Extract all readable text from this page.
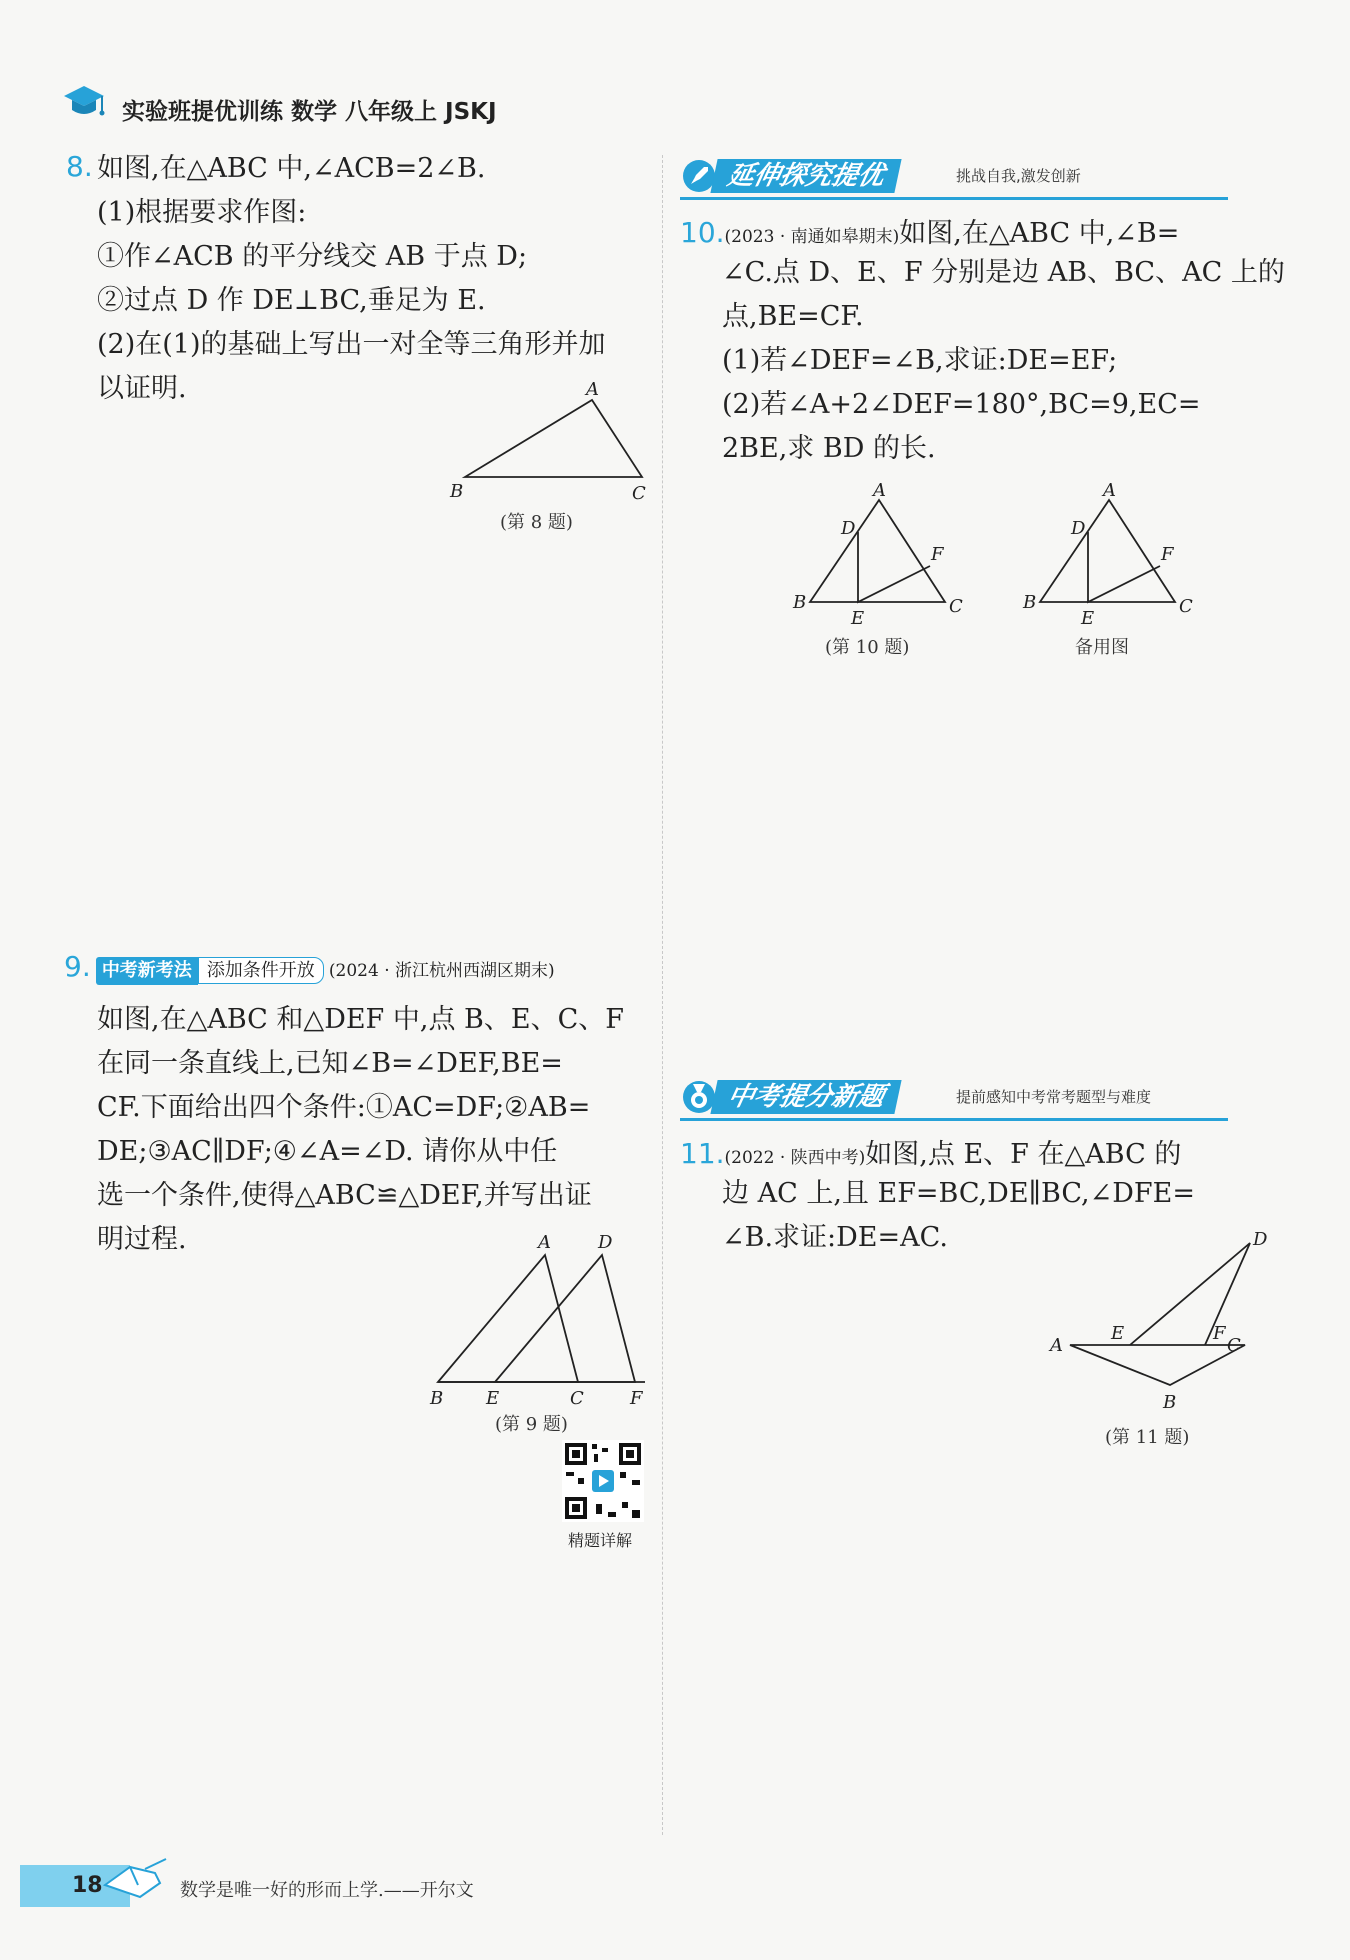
实验班提优训练 数学 八年级上 JSKJ
8. 如图,在△ABC 中,∠ACB=2∠B.
(1)根据要求作图:
①作∠ACB 的平分线交 AB 于点 D;
②过点 D 作 DE⊥BC,垂足为 E.
(2)在(1)的基础上写出一对全等三角形并加
以证明.	A
B	C
(第 8 题)
9. 中考新考法 添加条件开放 (2024 · 浙江杭州西湖区期末)
如图,在△ABC 和△DEF 中,点 B、E、C、F
在同一条直线上,已知∠B=∠DEF,BE=
CF.下面给出四个条件:①AC=DF;②AB=
DE;③AC∥DF;④∠A=∠D. 请你从中任
选一个条件,使得△ABC≌△DEF,并写出证
明过程.	A	D
B E	C	F
(第 9 题)
精题详解
延伸探究提优	挑战自我,激发创新
10.(2023 · 南通如皋期末)如图,在△ABC 中,∠B=
∠C.点 D、E、F 分别是边 AB、BC、AC 上的
点,BE=CF.
(1)若∠DEF=∠B,求证:DE=EF;
(2)若∠A+2∠DEF=180°,BC=9,EC=
2BE,求 BD 的长.
A
D
F
B
E
C
(第 10 题)
A
D
F
B
E
C
备用图
中考提分新题	提前感知中考常考题型与难度
11.(2022 · 陕西中考)如图,点 E、F 在△ABC 的
边 AC 上,且 EF=BC,DE∥BC,∠DFE=
∠B.求证:DE=AC.
A
E	F
C
D
B
(第 11 题)
18	数学是唯一好的形而上学.——开尔文
